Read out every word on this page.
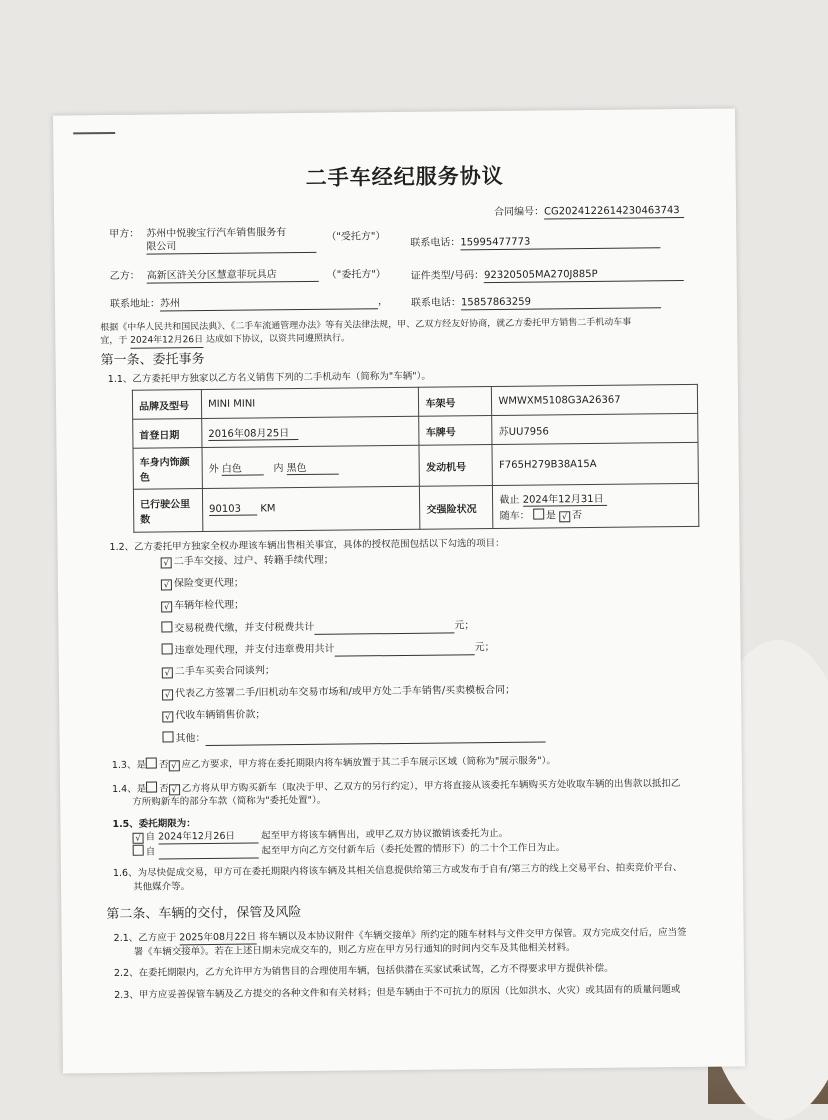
二手车经纪服务协议
合同编号：CG20241226142304637​43
甲方： 苏州中悦骏宝行汽车销售服务有
限公司
（"受托方"）
联系电话：15995477773
乙方： 高新区浒关分区慧意菲玩具店	（"委托方"） 证件类型/号码：92320505MA270J885P
联系地址：苏州	， 联系电话：15857863259
根据《中华人民共和国民法典》、《二手车流通管理办法》等有关法律法规，甲、乙双方经友好协商，就乙方委托甲方销售二手机动车事
宜，于 2024年12月26日 达成如下协议，以资共同遵照执行。
第一条、委托事务
1.1、乙方委托甲方独家以乙方名义销售下列的二手机动车（简称为"车辆"）。
品牌及型号	MINI MINI	车架号	WMWXM5108G3A26367
首登日期	2016年08月25日	车牌号	苏UU7956
车身内饰颜色	外 白色 内 黑色	发动机号	F765H279B38A15A
已行驶公里数	90103 KM	交强险状况	截止 2024年12月31日
随车： 是 √ 否
1.2、乙方委托甲方独家全权办理该车辆出售相关事宜，具体的授权范围包括以下勾选的项目：
√ 二手车交接、过户、转籍手续代理；
√ 保险变更代理；
√ 车辆年检代理；
交易税费代缴，并支付税费共计	元；
违章处理代理，并支付违章费用共计	元；
√ 二手车买卖合同谈判；
√ 代表乙方签署二手/旧机动车交易市场和/或甲方处二手车销售/买卖模板合同；
√ 代收车辆销售价款；
其他：
1.3、是 否 √ 应乙方要求，甲方将在委托期限内将车辆放置于其二手车展示区域（简称为"展示服务"）。
1.4、是 否 √ 乙方将从甲方购买新车（取决于甲、乙双方的另行约定），甲方将直接从该委托车辆购买方处收取车辆的出售款以抵扣乙
方所购新车的部分车款（简称为"委托处置"）。
1.5、委托期限为：
√ 自 2024年12月26日	起至甲方将该车辆售出，或甲乙双方协议撤销该委托为止。
自	起至甲方向乙方交付新车后（委托处置的情形下）的二十个工作日为止。
1.6、为尽快促成交易，甲方可在委托期限内将该车辆及其相关信息提供给第三方或发布于自有/第三方的线上交易平台、拍卖竞价平台、
其他媒介等。
第二条、车辆的交付，保管及风险
2.1、乙方应于 2025年08月22日 将车辆以及本协议附件《车辆交接单》所约定的随车材料与文件交甲方保管。双方完成交付后，应当签
署《车辆交接单》。若在上述日期未完成交车的，则乙方应在甲方另行通知的时间内交车及其他相关材料。
2.2、在委托期限内，乙方允许甲方为销售目的合理使用车辆，包括供潜在买家试乘试驾，乙方不得要求甲方提供补偿。
2.3、甲方应妥善保管车辆及乙方提交的各种文件和有关材料；但是车辆由于不可抗力的原因（比如洪水、火灾）或其固有的质量问题或
